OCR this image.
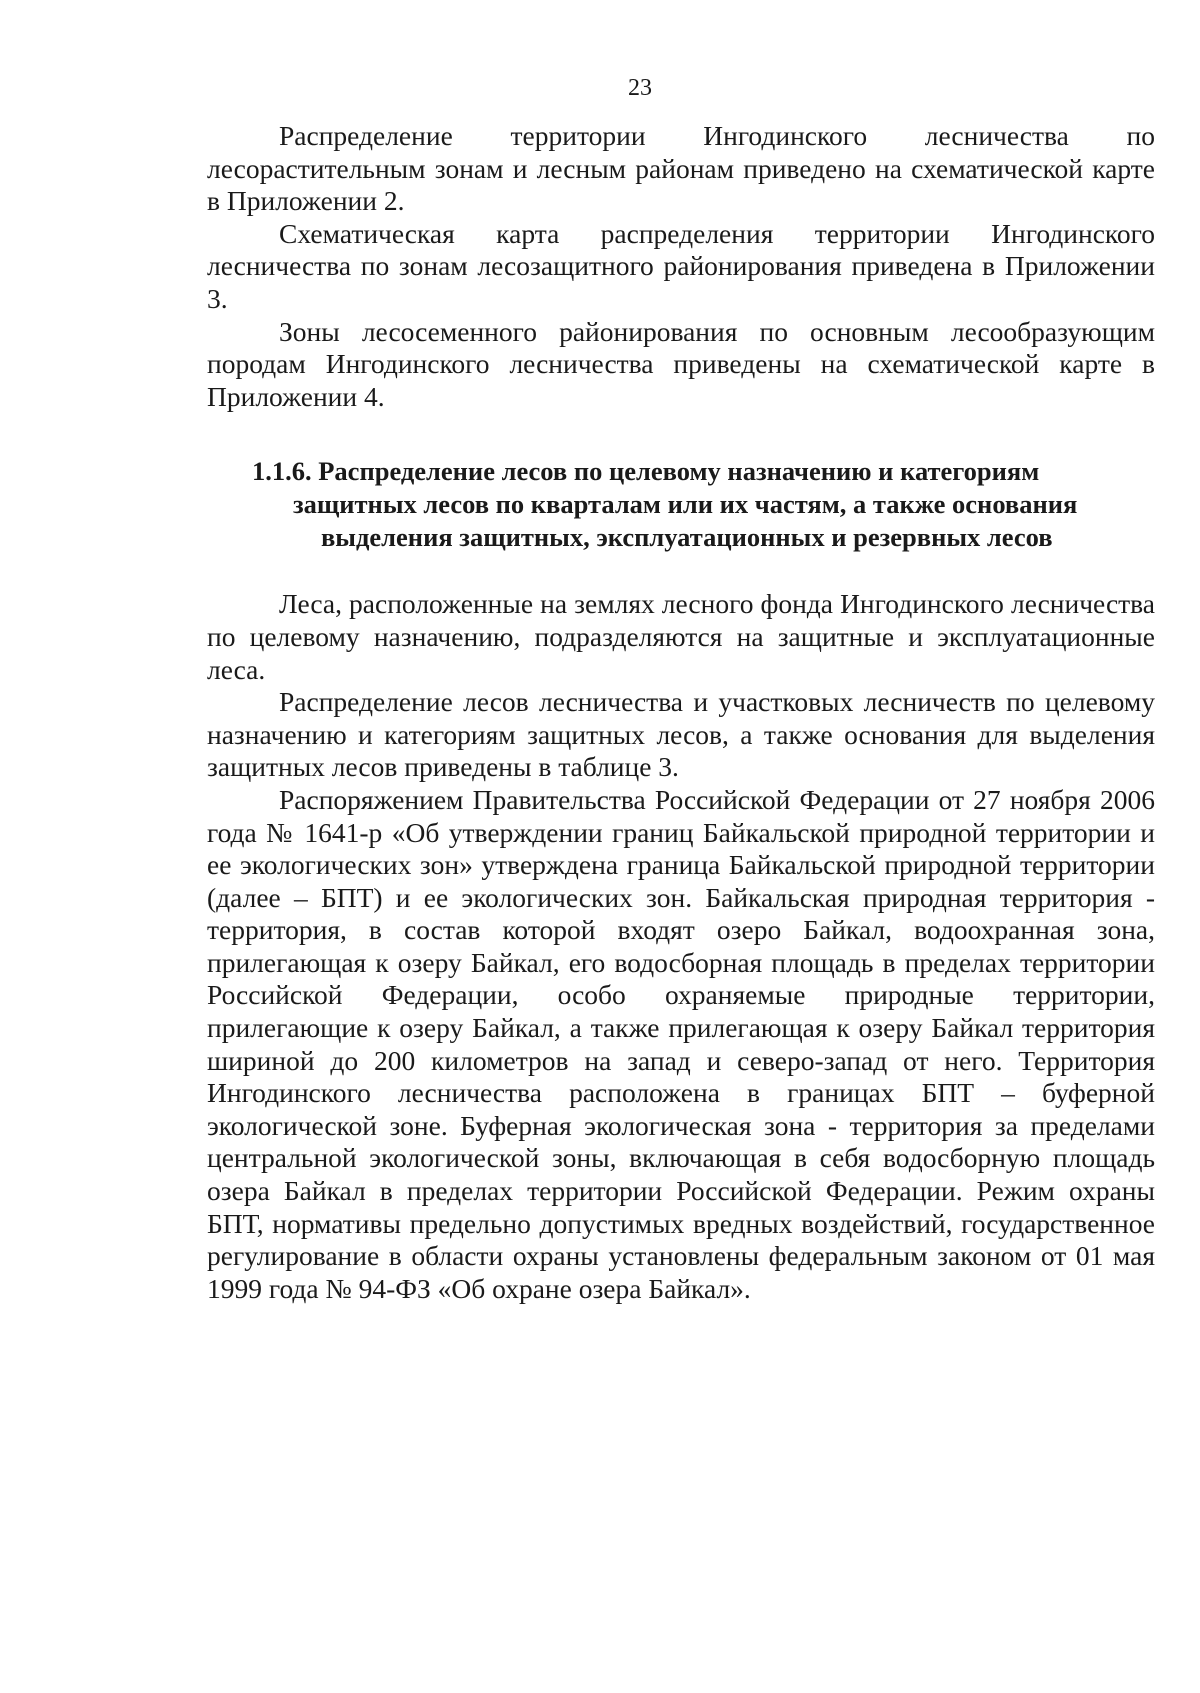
23

Распределение территории Ингодинского лесничества по лесорастительным зонам и лесным районам приведено на схематической карте в Приложении 2.

Схематическая карта распределения территории Ингодинского лесничества по зонам лесозащитного районирования приведена в Приложении 3.

Зоны лесосеменного районирования по основным лесообразующим породам Ингодинского лесничества приведены на схематической карте в Приложении 4.

1.1.6. Распределение лесов по целевому назначению и категориям
защитных лесов по кварталам или их частям, а также основания
выделения защитных, эксплуатационных и резервных лесов

Леса, расположенные на землях лесного фонда Ингодинского лесничества по целевому назначению, подразделяются на защитные и эксплуатационные леса.

Распределение лесов лесничества и участковых лесничеств по целевому назначению и категориям защитных лесов, а также основания для выделения защитных лесов приведены в таблице 3.

Распоряжением Правительства Российской Федерации от 27 ноября 2006 года № 1641-р «Об утверждении границ Байкальской природной территории и ее экологических зон» утверждена граница Байкальской природной территории (далее – БПТ) и ее экологических зон. Байкальская природная территория - территория, в состав которой входят озеро Байкал, водоохранная зона, прилегающая к озеру Байкал, его водосборная площадь в пределах территории Российской Федерации, особо охраняемые природные территории, прилегающие к озеру Байкал, а также прилегающая к озеру Байкал территория шириной до 200 километров на запад и северо-запад от него. Территория Ингодинского лесничества расположена в границах БПТ – буферной экологической зоне. Буферная экологическая зона - территория за пределами центральной экологической зоны, включающая в себя водосборную площадь озера Байкал в пределах территории Российской Федерации. Режим охраны БПТ, нормативы предельно допустимых вредных воздействий, государственное регулирование в области охраны установлены федеральным законом от 01 мая 1999 года № 94-ФЗ «Об охране озера Байкал».
